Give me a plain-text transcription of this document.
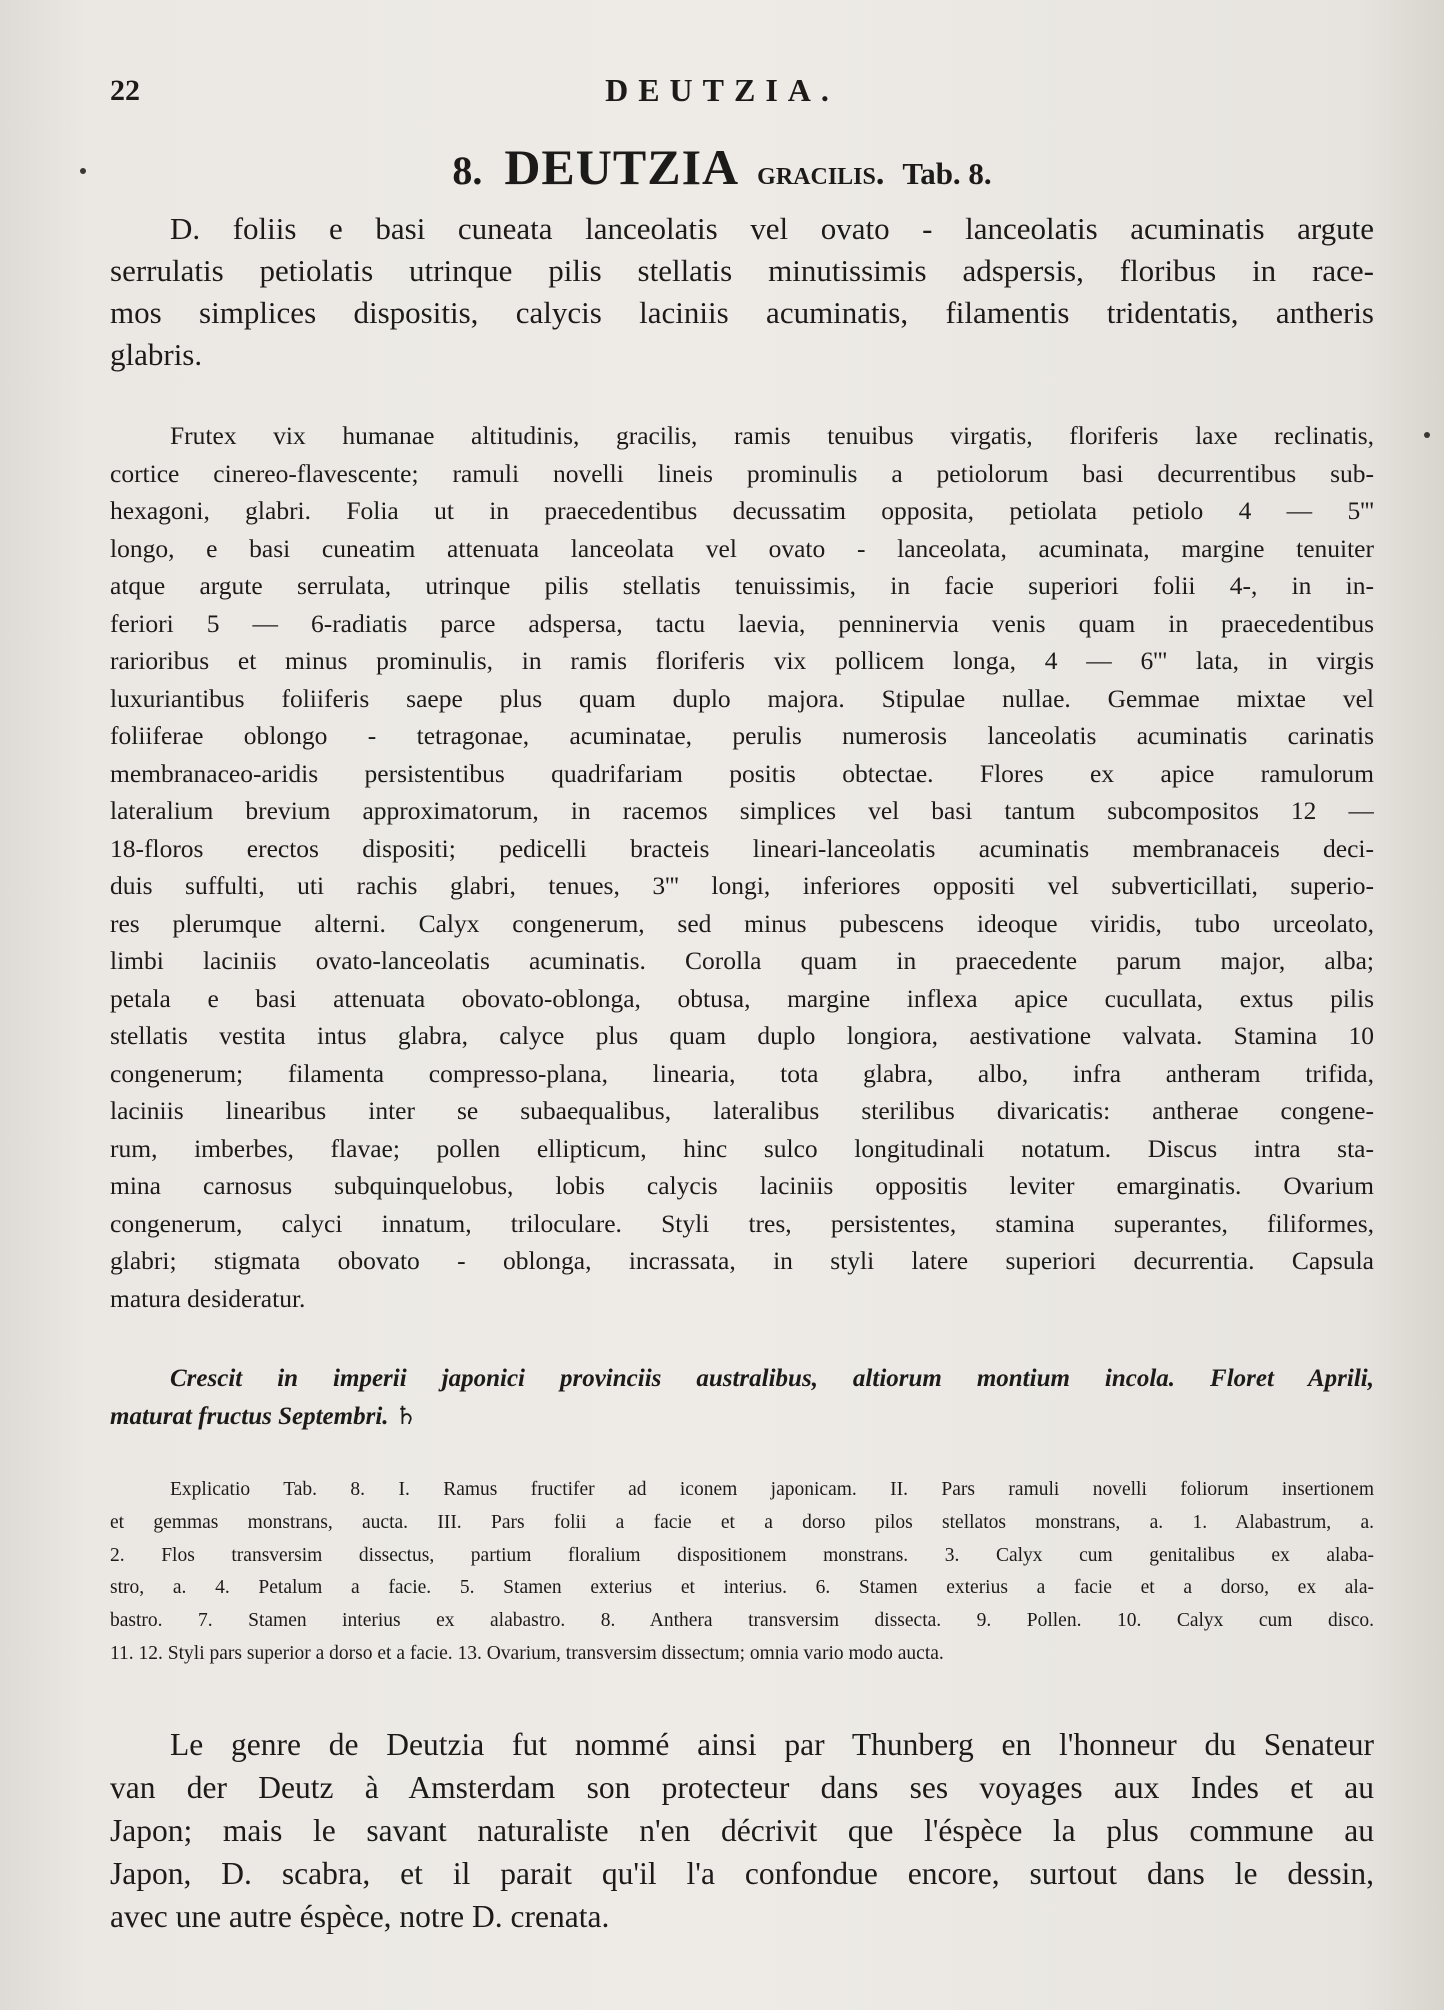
22	DEUTZIA.
8. DEUTZIA gracilis. Tab. 8.
D. foliis e basi cuneata lanceolatis vel ovato - lanceolatis acuminatis argute
serrulatis petiolatis utrinque pilis stellatis minutissimis adspersis, floribus in race-
mos simplices dispositis, calycis laciniis acuminatis, filamentis tridentatis, antheris
glabris.
Frutex vix humanae altitudinis, gracilis, ramis tenuibus virgatis, floriferis laxe reclinatis,
cortice cinereo-flavescente; ramuli novelli lineis prominulis a petiolorum basi decurrentibus sub-
hexagoni, glabri. Folia ut in praecedentibus decussatim opposita, petiolata petiolo 4 — 5'''
longo, e basi cuneatim attenuata lanceolata vel ovato - lanceolata, acuminata, margine tenuiter
atque argute serrulata, utrinque pilis stellatis tenuissimis, in facie superiori folii 4-, in in-
feriori 5 — 6-radiatis parce adspersa, tactu laevia, penninervia venis quam in praecedentibus
rarioribus et minus prominulis, in ramis floriferis vix pollicem longa, 4 — 6''' lata, in virgis
luxuriantibus foliiferis saepe plus quam duplo majora. Stipulae nullae. Gemmae mixtae vel
foliiferae oblongo - tetragonae, acuminatae, perulis numerosis lanceolatis acuminatis carinatis
membranaceo-aridis persistentibus quadrifariam positis obtectae. Flores ex apice ramulorum
lateralium brevium approximatorum, in racemos simplices vel basi tantum subcompositos 12 —
18-floros erectos dispositi; pedicelli bracteis lineari-lanceolatis acuminatis membranaceis deci-
duis suffulti, uti rachis glabri, tenues, 3''' longi, inferiores oppositi vel subverticillati, superio-
res plerumque alterni. Calyx congenerum, sed minus pubescens ideoque viridis, tubo urceolato,
limbi laciniis ovato-lanceolatis acuminatis. Corolla quam in praecedente parum major, alba;
petala e basi attenuata obovato-oblonga, obtusa, margine inflexa apice cucullata, extus pilis
stellatis vestita intus glabra, calyce plus quam duplo longiora, aestivatione valvata. Stamina 10
congenerum; filamenta compresso-plana, linearia, tota glabra, albo, infra antheram trifida,
laciniis linearibus inter se subaequalibus, lateralibus sterilibus divaricatis: antherae congene-
rum, imberbes, flavae; pollen ellipticum, hinc sulco longitudinali notatum. Discus intra sta-
mina carnosus subquinquelobus, lobis calycis laciniis oppositis leviter emarginatis. Ovarium
congenerum, calyci innatum, triloculare. Styli tres, persistentes, stamina superantes, filiformes,
glabri; stigmata obovato - oblonga, incrassata, in styli latere superiori decurrentia. Capsula
matura desideratur.
Crescit in imperii japonici provinciis australibus, altiorum montium incola. Floret Aprili,
maturat fructus Septembri. ♄
Explicatio Tab. 8. I. Ramus fructifer ad iconem japonicam. II. Pars ramuli novelli foliorum insertionem
et gemmas monstrans, aucta. III. Pars folii a facie et a dorso pilos stellatos monstrans, a. 1. Alabastrum, a.
2. Flos transversim dissectus, partium floralium dispositionem monstrans. 3. Calyx cum genitalibus ex alaba-
stro, a. 4. Petalum a facie. 5. Stamen exterius et interius. 6. Stamen exterius a facie et a dorso, ex ala-
bastro. 7. Stamen interius ex alabastro. 8. Anthera transversim dissecta. 9. Pollen. 10. Calyx cum disco.
11. 12. Styli pars superior a dorso et a facie. 13. Ovarium, transversim dissectum; omnia vario modo aucta.
Le genre de Deutzia fut nommé ainsi par Thunberg en l'honneur du Senateur
van der Deutz à Amsterdam son protecteur dans ses voyages aux Indes et au
Japon; mais le savant naturaliste n'en décrivit que l'éspèce la plus commune au
Japon, D. scabra, et il parait qu'il l'a confondue encore, surtout dans le dessin,
avec une autre éspèce, notre D. crenata.
